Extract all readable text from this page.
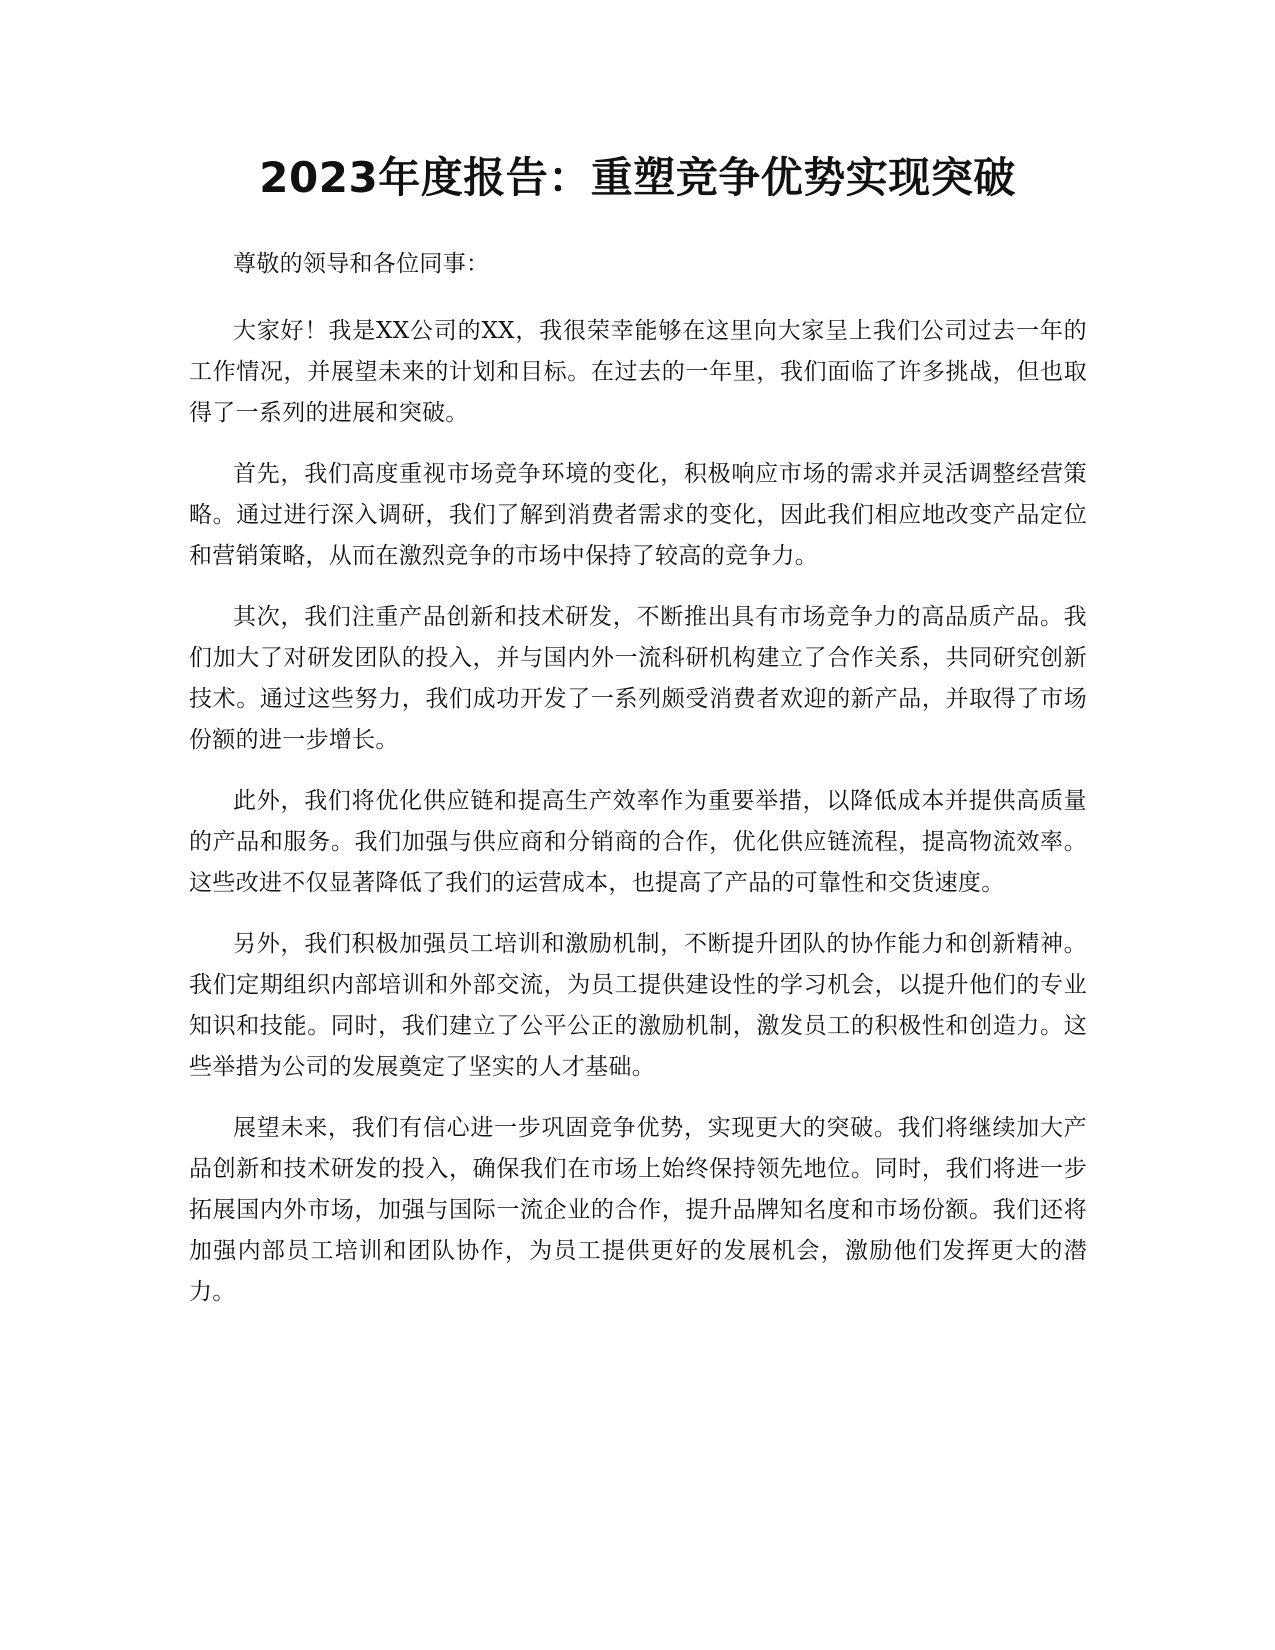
2023年度报告：重塑竞争优势实现突破

尊敬的领导和各位同事：

大家好！我是XX公司的XX，我很荣幸能够在这里向大家呈上我们公司过去一年的工作情况，并展望未来的计划和目标。在过去的一年里，我们面临了许多挑战，但也取得了一系列的进展和突破。

首先，我们高度重视市场竞争环境的变化，积极响应市场的需求并灵活调整经营策略。通过进行深入调研，我们了解到消费者需求的变化，因此我们相应地改变产品定位和营销策略，从而在激烈竞争的市场中保持了较高的竞争力。

其次，我们注重产品创新和技术研发，不断推出具有市场竞争力的高品质产品。我们加大了对研发团队的投入，并与国内外一流科研机构建立了合作关系，共同研究创新技术。通过这些努力，我们成功开发了一系列颇受消费者欢迎的新产品，并取得了市场份额的进一步增长。

此外，我们将优化供应链和提高生产效率作为重要举措，以降低成本并提供高质量的产品和服务。我们加强与供应商和分销商的合作，优化供应链流程，提高物流效率。这些改进不仅显著降低了我们的运营成本，也提高了产品的可靠性和交货速度。

另外，我们积极加强员工培训和激励机制，不断提升团队的协作能力和创新精神。我们定期组织内部培训和外部交流，为员工提供建设性的学习机会，以提升他们的专业知识和技能。同时，我们建立了公平公正的激励机制，激发员工的积极性和创造力。这些举措为公司的发展奠定了坚实的人才基础。

展望未来，我们有信心进一步巩固竞争优势，实现更大的突破。我们将继续加大产品创新和技术研发的投入，确保我们在市场上始终保持领先地位。同时，我们将进一步拓展国内外市场，加强与国际一流企业的合作，提升品牌知名度和市场份额。我们还将加强内部员工培训和团队协作，为员工提供更好的发展机会，激励他们发挥更大的潜力。
